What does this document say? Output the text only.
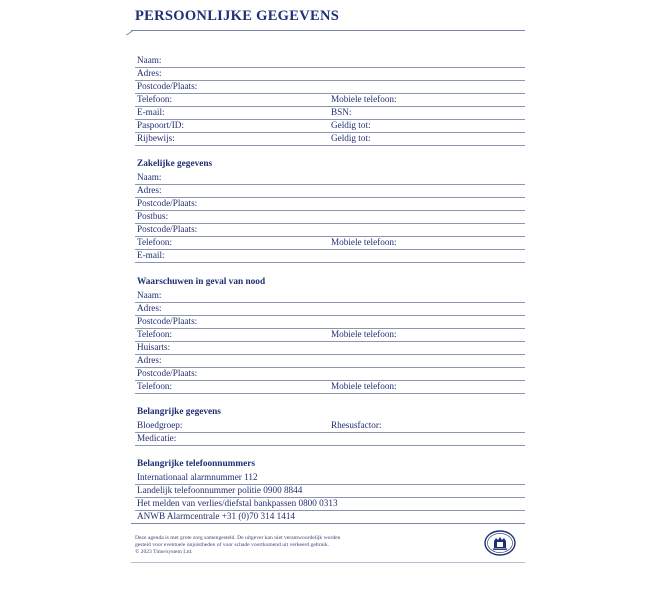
PERSOONLIJKE GEGEVENS
Naam:
Adres:
Postcode/Plaats:
Telefoon:	Mobiele telefoon:
E-mail:	BSN:
Paspoort/ID:	Geldig tot:
Rijbewijs:	Geldig tot:
Zakelijke gegevens
Naam:
Adres:
Postcode/Plaats:
Postbus:
Postcode/Plaats:
Telefoon:	Mobiele telefoon:
E-mail:
Waarschuwen in geval van nood
Naam:
Adres:
Postcode/Plaats:
Telefoon:	Mobiele telefoon:
Huisarts:
Adres:
Postcode/Plaats:
Telefoon:	Mobiele telefoon:
Belangrijke gegevens
Bloedgroep:	Rhesusfactor:
Medicatie:
Belangrijke telefoonnummers
Internationaal alarmnummer 112
Landelijk telefoonnummer politie 0900 8844
Het melden van verlies/diefstal bankpassen 0800 0313
ANWB Alarmcentrale +31 (0)70 314 1414
Deze agenda is met grote zorg samengesteld. De uitgever kan niet verantwoordelijk worden
gesteld voor eventuele onjuistheden of voor schade voortkomend uit verkeerd gebruik.
© 2023 Time/system Ltd.
